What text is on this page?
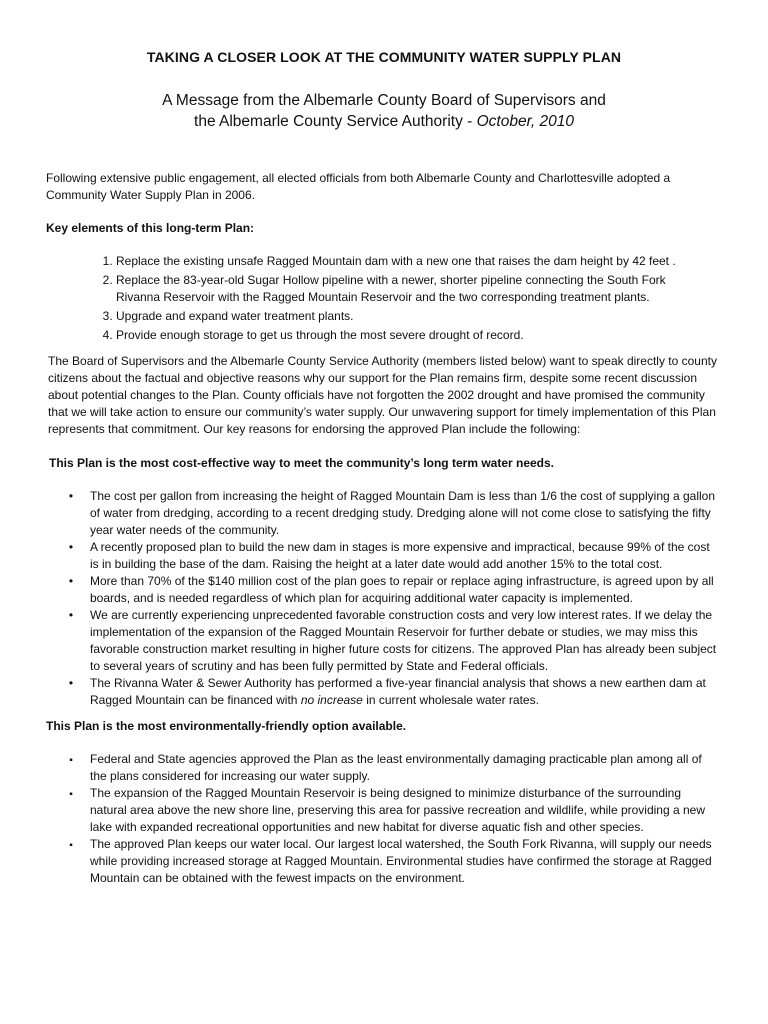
TAKING A CLOSER LOOK AT THE COMMUNITY WATER SUPPLY PLAN
A Message from the Albemarle County Board of Supervisors and
the Albemarle County Service Authority - October, 2010

Following extensive public engagement, all elected officials from both Albemarle County and Charlottesville adopted a Community Water Supply Plan in 2006.

Key elements of this long-term Plan:

1. Replace the existing unsafe Ragged Mountain dam with a new one that raises the dam height by 42 feet .
2. Replace the 83-year-old Sugar Hollow pipeline with a newer, shorter pipeline connecting the South Fork Rivanna Reservoir with the Ragged Mountain Reservoir and the two corresponding treatment plants.
3. Upgrade and expand water treatment plants.
4. Provide enough storage to get us through the most severe drought of record.

The Board of Supervisors and the Albemarle County Service Authority (members listed below) want to speak directly to county citizens about the factual and objective reasons why our support for the Plan remains firm, despite some recent discussion about potential changes to the Plan. County officials have not forgotten the 2002 drought and have promised the community that we will take action to ensure our community’s water supply. Our unwavering support for timely implementation of this Plan represents that commitment. Our key reasons for endorsing the approved Plan include the following:

This Plan is the most cost-effective way to meet the community’s long term water needs.

•
The cost per gallon from increasing the height of Ragged Mountain Dam is less than 1/6 the cost of supplying a gallon of water from dredging, according to a recent dredging study. Dredging alone will not come close to satisfying the fifty year water needs of the community.
•
A recently proposed plan to build the new dam in stages is more expensive and impractical, because 99% of the cost is in building the base of the dam. Raising the height at a later date would add another 15% to the total cost.
•
More than 70% of the $140 million cost of the plan goes to repair or replace aging infrastructure, is agreed upon by all boards, and is needed regardless of which plan for acquiring additional water capacity is implemented.
•
We are currently experiencing unprecedented favorable construction costs and very low interest rates. If we delay the implementation of the expansion of the Ragged Mountain Reservoir for further debate or studies, we may miss this favorable construction market resulting in higher future costs for citizens. The approved Plan has already been subject to several years of scrutiny and has been fully permitted by State and Federal officials.
•
The Rivanna Water & Sewer Authority has performed a five-year financial analysis that shows a new earthen dam at Ragged Mountain can be financed with no increase in current wholesale water rates.

This Plan is the most environmentally-friendly option available.

▪
Federal and State agencies approved the Plan as the least environmentally damaging practicable plan among all of the plans considered for increasing our water supply.
▪
The expansion of the Ragged Mountain Reservoir is being designed to minimize disturbance of the surrounding natural area above the new shore line, preserving this area for passive recreation and wildlife, while providing a new lake with expanded recreational opportunities and new habitat for diverse aquatic fish and other species.
▪
The approved Plan keeps our water local. Our largest local watershed, the South Fork Rivanna, will supply our needs while providing increased storage at Ragged Mountain. Environmental studies have confirmed the storage at Ragged Mountain can be obtained with the fewest impacts on the environment.
